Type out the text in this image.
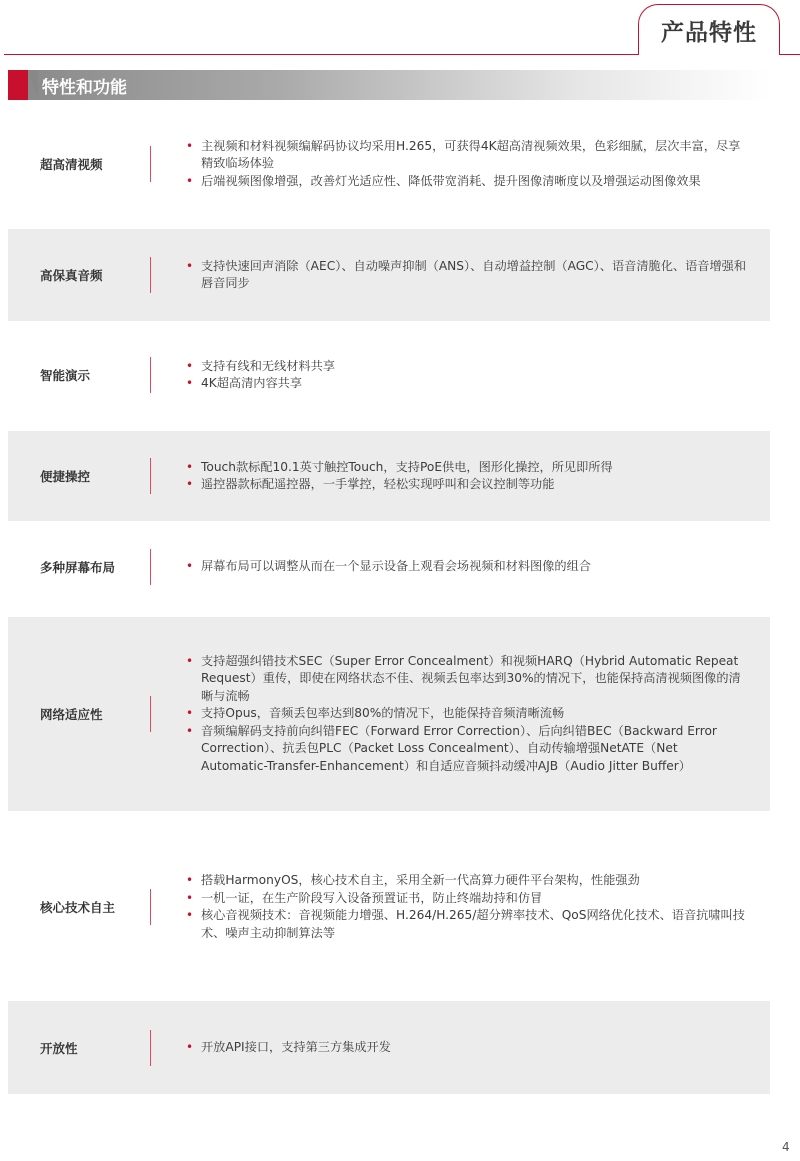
产品特性
特性和功能
超高清视频
• 主视频和材料视频编解码协议均采用H.265，可获得4K超高清视频效果，色彩细腻，层次丰富，尽享精致临场体验
• 后端视频图像增强，改善灯光适应性、降低带宽消耗、提升图像清晰度以及增强运动图像效果
高保真音频
• 支持快速回声消除（AEC）、自动噪声抑制（ANS）、自动增益控制（AGC）、语音清脆化、语音增强和唇音同步
智能演示
• 支持有线和无线材料共享
• 4K超高清内容共享
便捷操控
• Touch款标配10.1英寸触控Touch，支持PoE供电，图形化操控，所见即所得
• 遥控器款标配遥控器，一手掌控，轻松实现呼叫和会议控制等功能
多种屏幕布局	• 屏幕布局可以调整从而在一个显示设备上观看会场视频和材料图像的组合
网络适应性
• 支持超强纠错技术SEC（Super Error Concealment）和视频HARQ（Hybrid Automatic Repeat Request）重传，即使在网络状态不佳、视频丢包率达到30%的情况下，也能保持高清视频图像的清晰与流畅
• 支持Opus，音频丢包率达到80%的情况下，也能保持音频清晰流畅
• 音频编解码支持前向纠错FEC（Forward Error Correction）、后向纠错BEC（Backward Error Correction）、抗丢包PLC（Packet Loss Concealment）、自动传输增强NetATE（Net Automatic-Transfer-Enhancement）和自适应音频抖动缓冲AJB（Audio Jitter Buffer）
核心技术自主
• 搭载HarmonyOS，核心技术自主，采用全新一代高算力硬件平台架构，性能强劲
• 一机一证，在生产阶段写入设备预置证书，防止终端劫持和仿冒
• 核心音视频技术：音视频能力增强、H.264/H.265/超分辨率技术、QoS网络优化技术、语音抗啸叫技术、噪声主动抑制算法等
开放性	• 开放API接口，支持第三方集成开发
4
